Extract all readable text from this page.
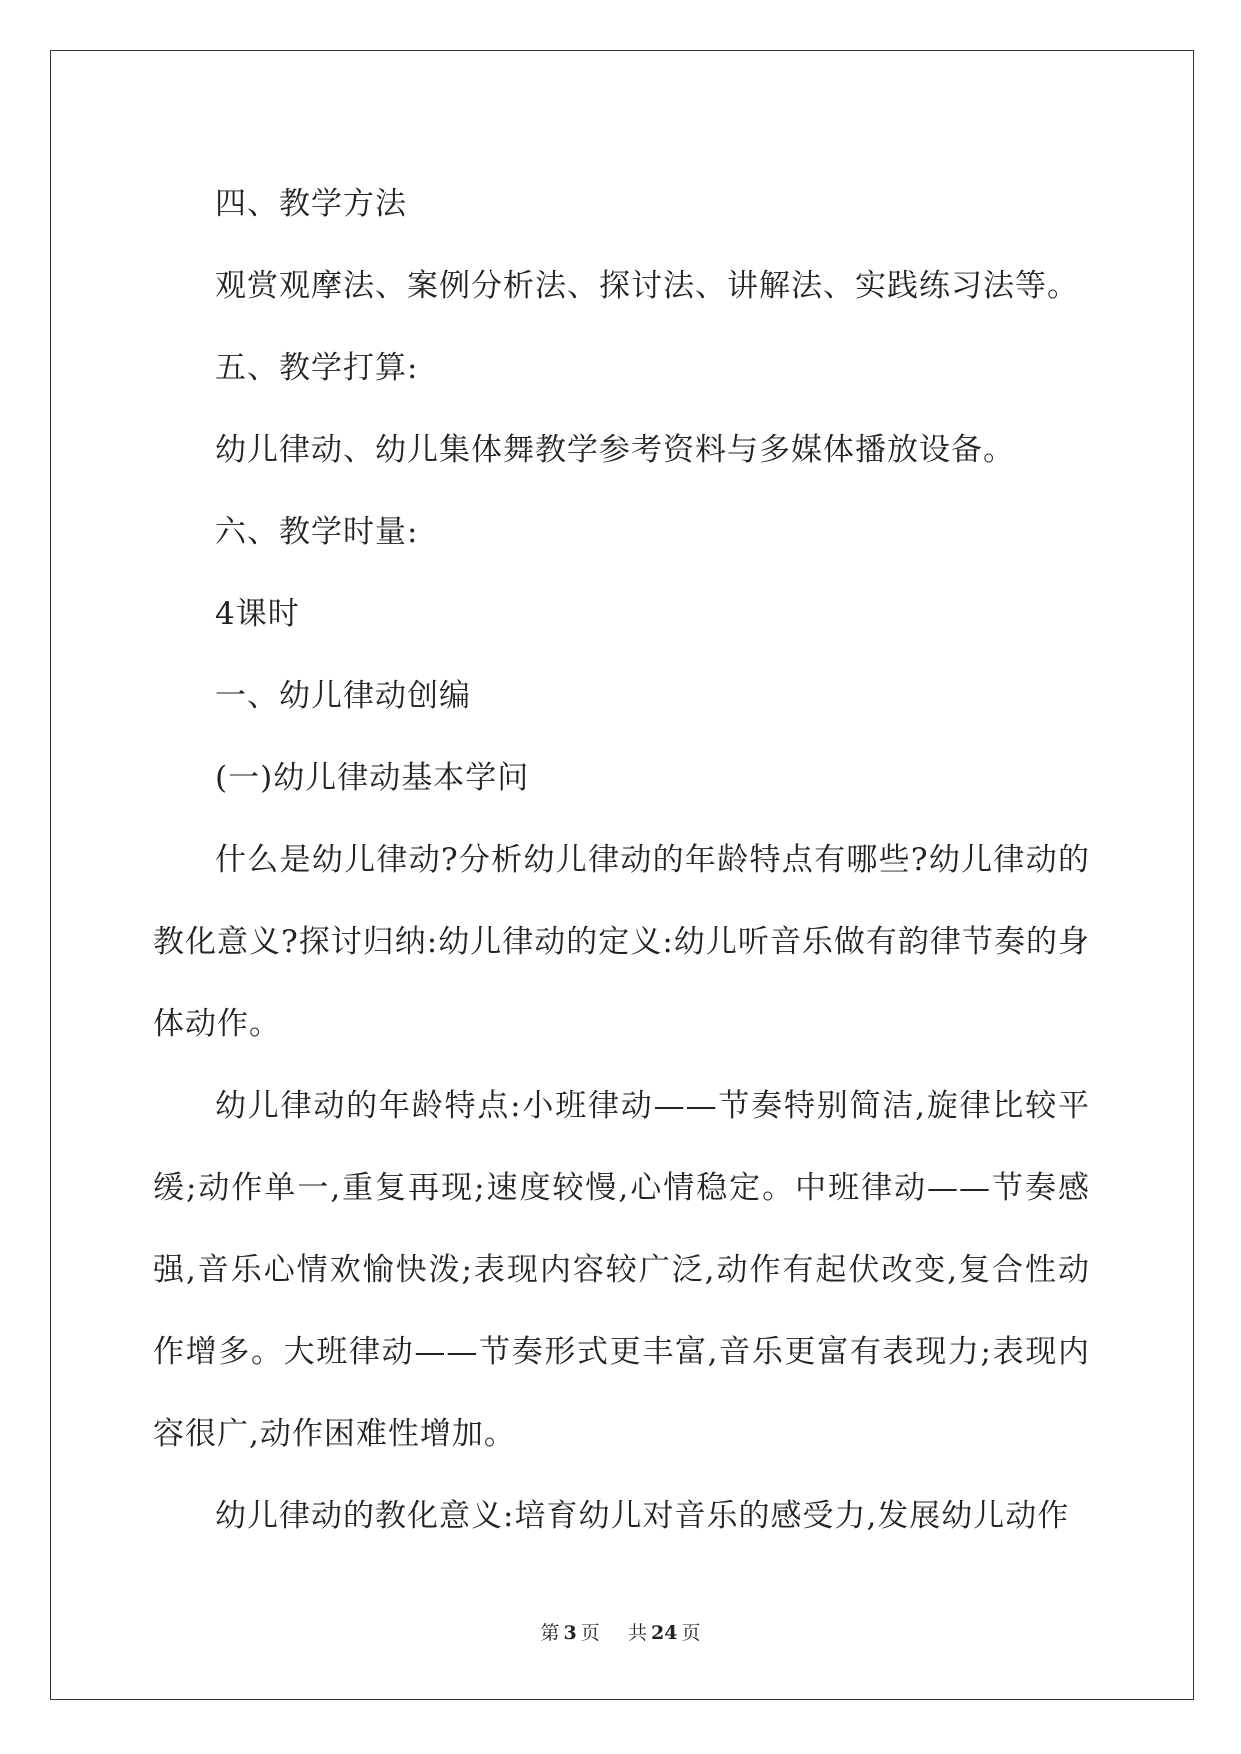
四、教学方法

观赏观摩法、案例分析法、探讨法、讲解法、实践练习法等。

五、教学打算:

幼儿律动、幼儿集体舞教学参考资料与多媒体播放设备。

六、教学时量:

4课时

一、幼儿律动创编

(一)幼儿律动基本学问

什么是幼儿律动?分析幼儿律动的年龄特点有哪些?幼儿律动的教化意义?探讨归纳:幼儿律动的定义:幼儿听音乐做有韵律节奏的身体动作。

幼儿律动的年龄特点:小班律动——节奏特别简洁,旋律比较平缓;动作单一,重复再现;速度较慢,心情稳定。中班律动——节奏感强,音乐心情欢愉快泼;表现内容较广泛,动作有起伏改变,复合性动作增多。大班律动——节奏形式更丰富,音乐更富有表现力;表现内容很广,动作困难性增加。

幼儿律动的教化意义:培育幼儿对音乐的感受力,发展幼儿动作

第 3 页 共 24 页
